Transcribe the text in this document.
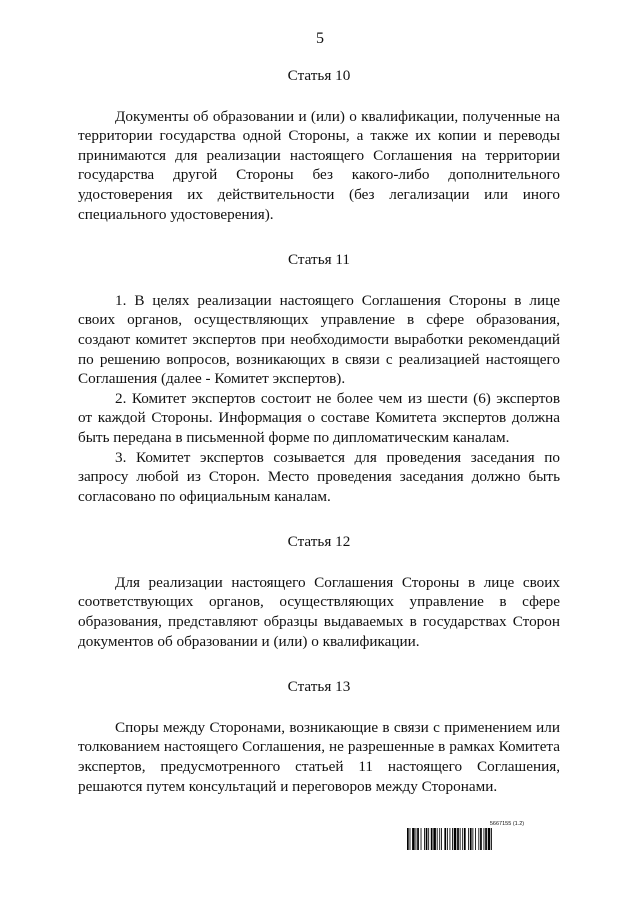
5
Статья 10

Документы об образовании и (или) о квалификации, полученные на территории государства одной Стороны, а также их копии и переводы принимаются для реализации настоящего Соглашения на территории государства другой Стороны без какого-либо дополнительного удостоверения их действительности (без легализации или иного специального удостоверения).

Статья 11

1. В целях реализации настоящего Соглашения Стороны в лице своих органов, осуществляющих управление в сфере образования, создают комитет экспертов при необходимости выработки рекомендаций по решению вопросов, возникающих в связи с реализацией настоящего Соглашения (далее - Комитет экспертов).

2. Комитет экспертов состоит не более чем из шести (6) экспертов от каждой Стороны. Информация о составе Комитета экспертов должна быть передана в письменной форме по дипломатическим каналам.

3. Комитет экспертов созывается для проведения заседания по запросу любой из Сторон. Место проведения заседания должно быть согласовано по официальным каналам.

Статья 12

Для реализации настоящего Соглашения Стороны в лице своих соответствующих органов, осуществляющих управление в сфере образования, представляют образцы выдаваемых в государствах Сторон документов об образовании и (или) о квалификации.

Статья 13

Споры между Сторонами, возникающие в связи с применением или толкованием настоящего Соглашения, не разрешенные в рамках Комитета экспертов, предусмотренного статьей 11 настоящего Соглашения, решаются путем консультаций и переговоров между Сторонами.

5667155 (1.2)
